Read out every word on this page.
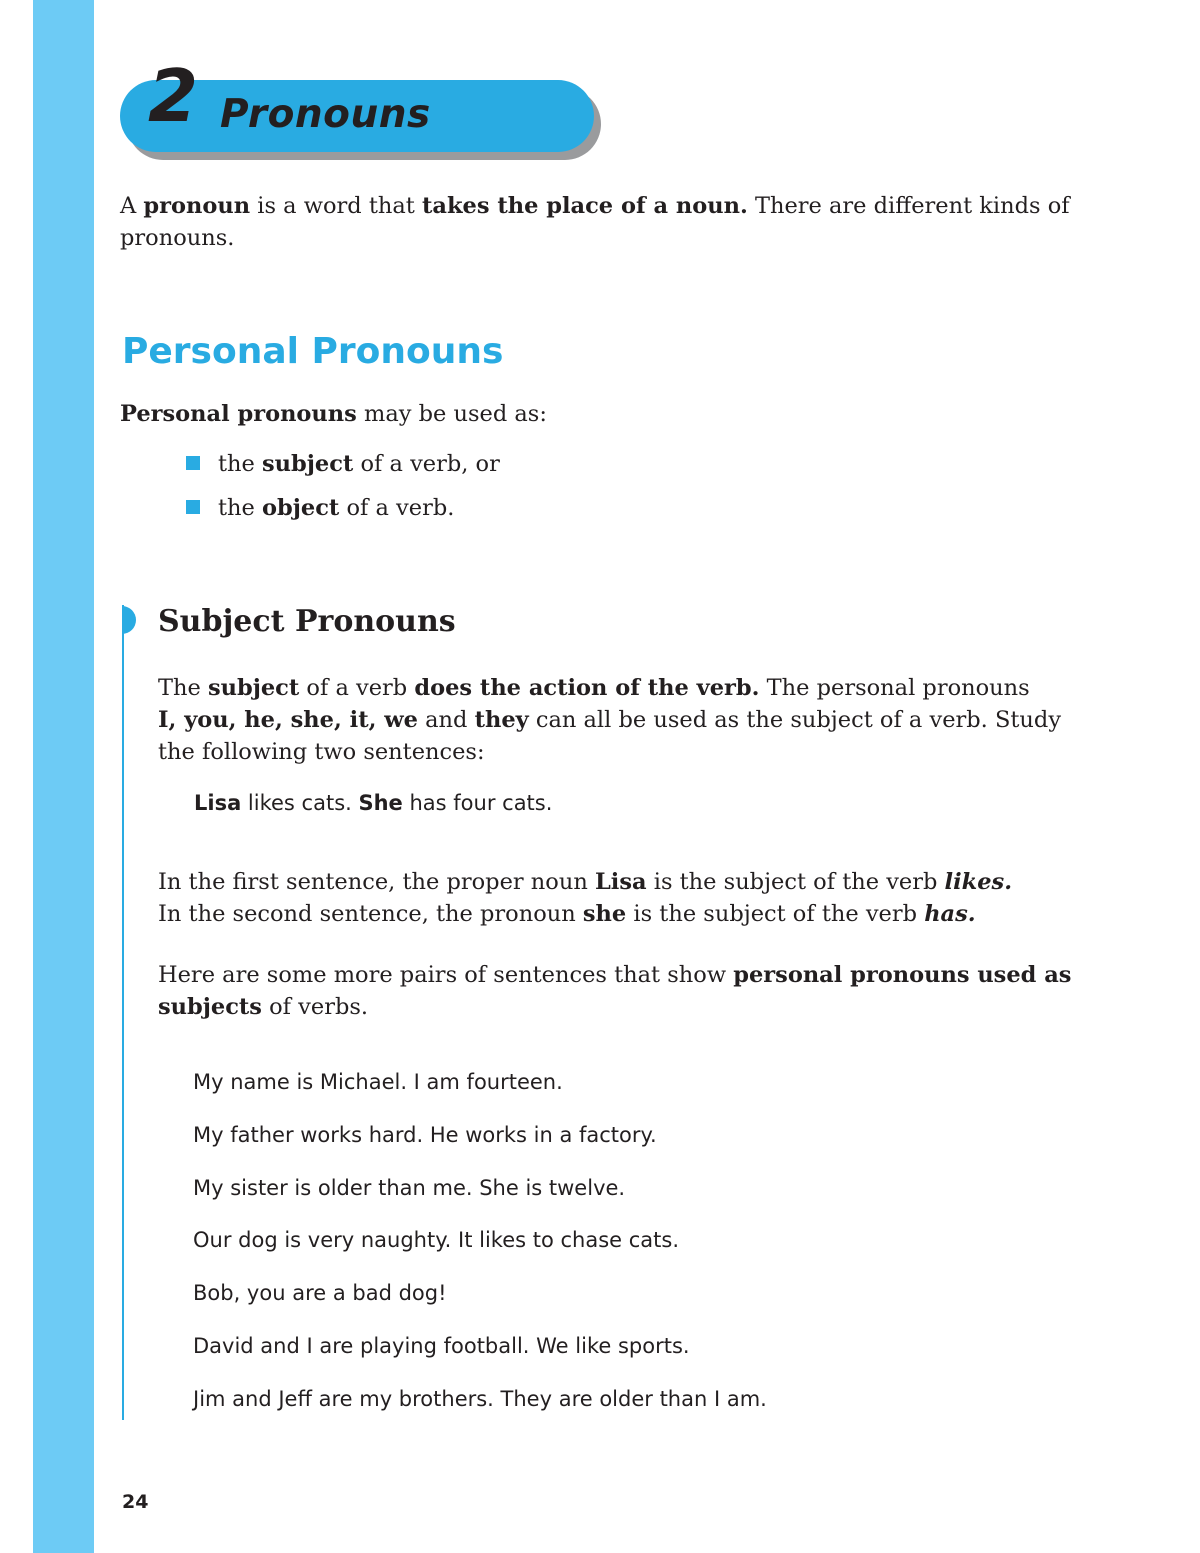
2 Pronouns

A pronoun is a word that takes the place of a noun. There are different kinds of pronouns.

Personal Pronouns

Personal pronouns may be used as:

the subject of a verb, or
the object of a verb.
Subject Pronouns

The subject of a verb does the action of the verb. The personal pronouns
I, you, he, she, it, we and they can all be used as the subject of a verb. Study the following two sentences:

Lisa likes cats. She has four cats.

In the first sentence, the proper noun Lisa is the subject of the verb likes.
In the second sentence, the pronoun she is the subject of the verb has.

Here are some more pairs of sentences that show personal pronouns used as subjects of verbs.

My name is Michael. I am fourteen.
My father works hard. He works in a factory.
My sister is older than me. She is twelve.
Our dog is very naughty. It likes to chase cats.
Bob, you are a bad dog!
David and I are playing football. We like sports.
Jim and Jeff are my brothers. They are older than I am.

24
